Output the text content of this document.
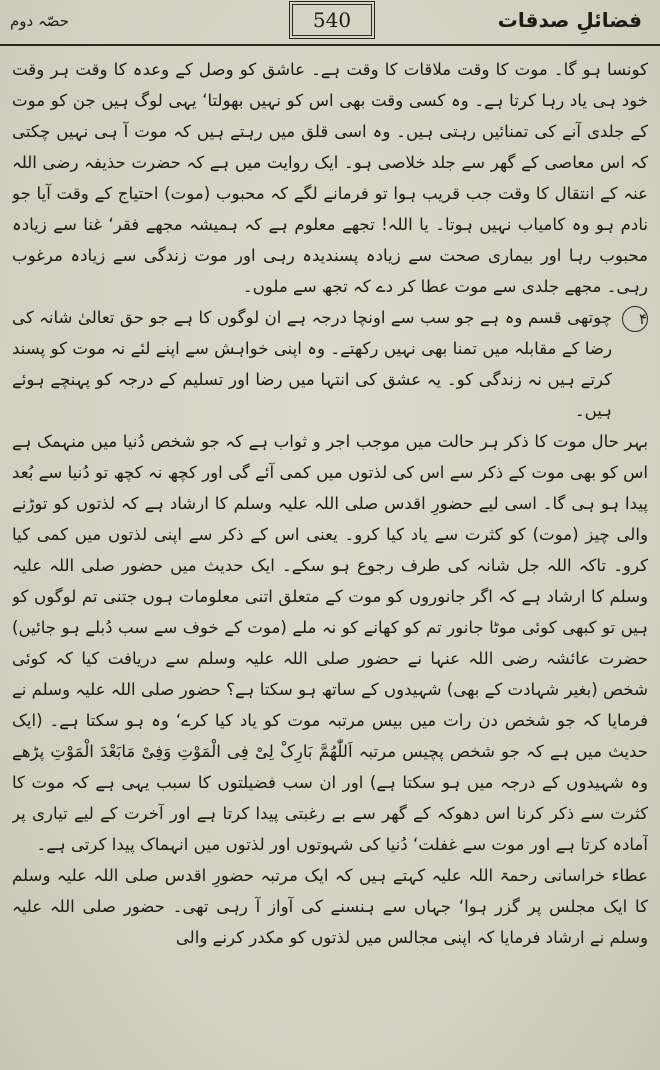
فضائلِ صدقات
540
حصّہ دوم

کونسا ہو گا۔ موت کا وقت ملاقات کا وقت ہے۔ عاشق کو وصل کے وعدہ کا وقت ہر وقت خود ہی یاد رہا کرتا ہے۔ وہ کسی وقت بھی اس کو نہیں بھولتا‘ یہی لوگ ہیں جن کو موت کے جلدی آنے کی تمنائیں رہتی ہیں۔ وہ اسی قلق میں رہتے ہیں کہ موت آ ہی نہیں چکتی کہ اس معاصی کے گھر سے جلد خلاصی ہو۔ ایک روایت میں ہے کہ حضرت حذیفہ رضی اللہ عنہ کے انتقال کا وقت جب قریب ہوا تو فرمانے لگے کہ محبوب (موت) احتیاج کے وقت آیا جو نادم ہو وہ کامیاب نہیں ہوتا۔ یا اللہ! تجھے معلوم ہے کہ ہمیشہ مجھے فقر‘ غنا سے زیادہ محبوب رہا اور بیماری صحت سے زیادہ پسندیدہ رہی اور موت زندگی سے زیادہ مرغوب رہی۔ مجھے جلدی سے موت عطا کر دے کہ تجھ سے ملوں۔

۴
چوتھی قسم وہ ہے جو سب سے اونچا درجہ ہے ان لوگوں کا ہے جو حق تعالیٰ شانہ کی رضا کے مقابلہ میں تمنا بھی نہیں رکھتے۔ وہ اپنی خواہش سے اپنے لئے نہ موت کو پسند کرتے ہیں نہ زندگی کو۔ یہ عشق کی انتہا میں رضا اور تسلیم کے درجہ کو پہنچے ہوئے ہیں۔

بہر حال موت کا ذکر ہر حالت میں موجب اجر و ثواب ہے کہ جو شخص دُنیا میں منہمک ہے اس کو بھی موت کے ذکر سے اس کی لذتوں میں کمی آئے گی اور کچھ نہ کچھ تو دُنیا سے بُعد پیدا ہو ہی گا۔ اسی لیے حضورِ اقدس صلی اللہ علیہ وسلم کا ارشاد ہے کہ لذتوں کو توڑنے والی چیز (موت) کو کثرت سے یاد کیا کرو۔ یعنی اس کے ذکر سے اپنی لذتوں میں کمی کیا کرو۔ تاکہ اللہ جل شانہ کی طرف رجوع ہو سکے۔ ایک حدیث میں حضور صلی اللہ علیہ وسلم کا ارشاد ہے کہ اگر جانوروں کو موت کے متعلق اتنی معلومات ہوں جتنی تم لوگوں کو ہیں تو کبھی کوئی موٹا جانور تم کو کھانے کو نہ ملے (موت کے خوف سے سب دُبلے ہو جائیں) حضرت عائشہ رضی اللہ عنہا نے حضور صلی اللہ علیہ وسلم سے دریافت کیا کہ کوئی شخص (بغیر شہادت کے بھی) شہیدوں کے ساتھ ہو سکتا ہے؟ حضور صلی اللہ علیہ وسلم نے فرمایا کہ جو شخص دن رات میں بیس مرتبہ موت کو یاد کیا کرے‘ وہ ہو سکتا ہے۔ (ایک حدیث میں ہے کہ جو شخص پچیس مرتبہ اَللّٰھُمَّ بَارِکْ لِیْ فِی الْمَوْتِ وَفِیْ مَابَعْدَ الْمَوْتِ پڑھے وہ شہیدوں کے درجہ میں ہو سکتا ہے) اور ان سب فضیلتوں کا سبب یہی ہے کہ موت کا کثرت سے ذکر کرنا اس دھوکہ کے گھر سے بے رغبتی پیدا کرتا ہے اور آخرت کے لیے تیاری پر آمادہ کرتا ہے اور موت سے غفلت‘ دُنیا کی شہوتوں اور لذتوں میں انہماک پیدا کرتی ہے۔

عطاء خراسانی رحمۃ اللہ علیہ کہتے ہیں کہ ایک مرتبہ حضورِ اقدس صلی اللہ علیہ وسلم کا ایک مجلس پر گزر ہوا‘ جہاں سے ہنسنے کی آواز آ رہی تھی۔ حضور صلی اللہ علیہ وسلم نے ارشاد فرمایا کہ اپنی مجالس میں لذتوں کو مکدر کرنے والی
